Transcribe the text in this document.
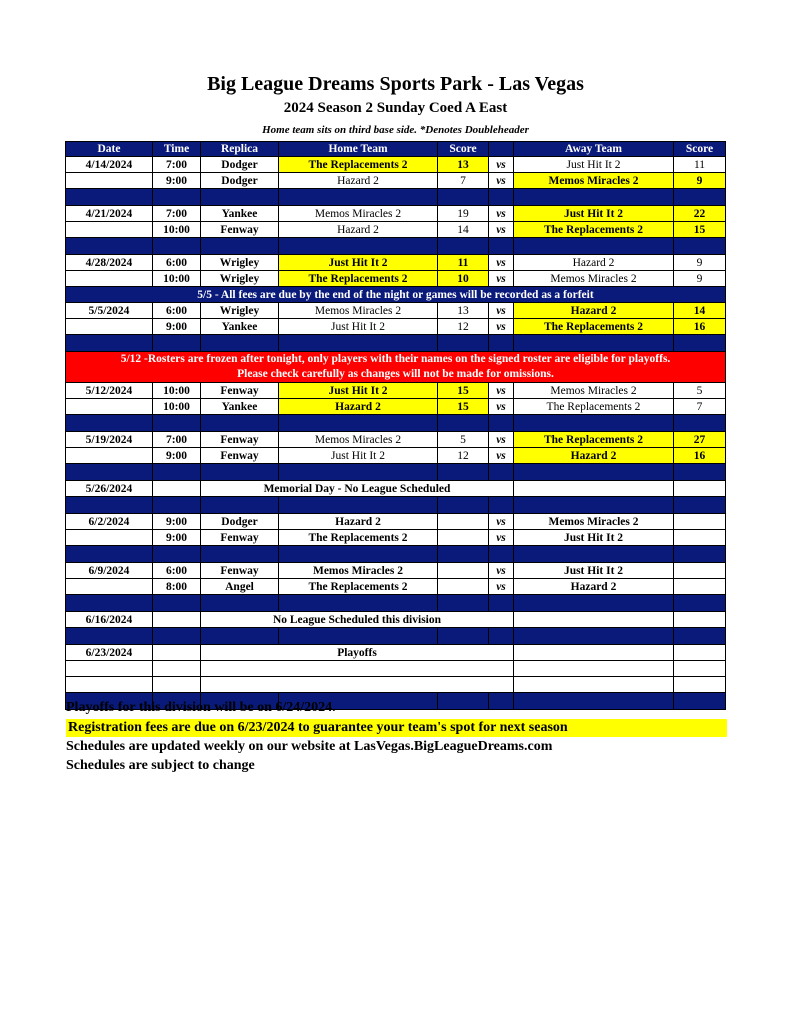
Big League Dreams Sports Park - Las Vegas
2024 Season 2 Sunday Coed A East
Home team sits on third base side. *Denotes Doubleheader
Date	Time	Replica	Home Team	Score		Away Team	Score
4/14/2024	7:00	Dodger	The Replacements 2	13	vs	Just Hit It 2	11
	9:00	Dodger	Hazard 2	7	vs	Memos Miracles 2	9

4/21/2024	7:00	Yankee	Memos Miracles 2	19	vs	Just Hit It 2	22
	10:00	Fenway	Hazard 2	14	vs	The Replacements 2	15

4/28/2024	6:00	Wrigley	Just Hit It 2	11	vs	Hazard 2	9
	10:00	Wrigley	The Replacements 2	10	vs	Memos Miracles 2	9
5/5 - All fees are due by the end of the night or games will be recorded as a forfeit							
5/5/2024	6:00	Wrigley	Memos Miracles 2	13	vs	Hazard 2	14
	9:00	Yankee	Just Hit It 2	12	vs	The Replacements 2	16

5/12 -Rosters are frozen after tonight, only players with their names on the signed roster are eligible for playoffs.
Please check carefully as changes will not be made for omissions.							

5/12/2024	10:00	Fenway	Just Hit It 2	15	vs	Memos Miracles 2	5
	10:00	Yankee	Hazard 2	15	vs	The Replacements 2	7

5/19/2024	7:00	Fenway	Memos Miracles 2	5	vs	The Replacements 2	27
	9:00	Fenway	Just Hit It 2	12	vs	Hazard 2	16

5/26/2024		Memorial Day - No League Scheduled					

6/2/2024	9:00	Dodger	Hazard 2		vs	Memos Miracles 2	
	9:00	Fenway	The Replacements 2		vs	Just Hit It 2	

6/9/2024	6:00	Fenway	Memos Miracles 2		vs	Just Hit It 2	
	8:00	Angel	The Replacements 2		vs	Hazard 2	

6/16/2024		No League Scheduled this division					

6/23/2024		Playoffs					

Playoffs for this division will be on 6/24/2024.
Registration fees are due on 6/23/2024 to guarantee your team's spot for next season
Schedules are updated weekly on our website at LasVegas.BigLeagueDreams.com
Schedules are subject to change
